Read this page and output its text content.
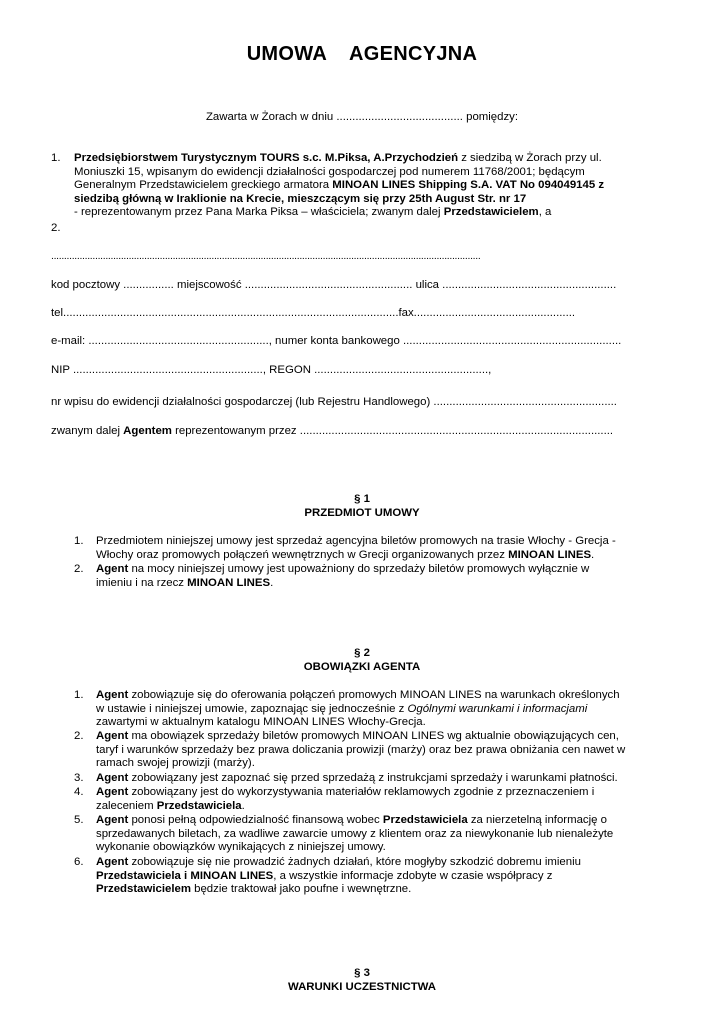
UMOWA    AGENCYJNA
Zawarta w Żorach w dniu ........................................ pomiędzy:
1. Przedsiębiorstwem Turystycznym TOURS s.c. M.Piksa, A.Przychodzień z siedzibą w Żorach przy ul.
Moniuszki 15, wpisanym do ewidencji działalności gospodarczej pod numerem 11768/2001; będącym
Generalnym Przedstawicielem greckiego armatora MINOAN LINES Shipping S.A. VAT No 094049145 z
siedzibą główną w Iraklionie na Krecie, mieszczącym się przy 25th August Str. nr 17
- reprezentowanym przez Pana Marka Piksa – właściciela; zwanym dalej Przedstawicielem, a
2.
......................................................................................................................................................................
kod pocztowy ................ miejscowość ..................................................... ulica .......................................................
tel..........................................................................................................fax...................................................
e-mail: ........................................................., numer konta bankowego .....................................................................
NIP ............................................................, REGON .......................................................,
nr wpisu do ewidencji działalności gospodarczej (lub Rejestru Handlowego) ..........................................................
zwanym dalej Agentem reprezentowanym przez ...................................................................................................
§ 1
PRZEDMIOT UMOWY
1. Przedmiotem niniejszej umowy jest sprzedaż agencyjna biletów promowych na trasie Włochy - Grecja -
Włochy oraz promowych połączeń wewnętrznych w Grecji organizowanych przez MINOAN LINES.
2. Agent na mocy niniejszej umowy jest upoważniony do sprzedaży biletów promowych wyłącznie w
imieniu i na rzecz MINOAN LINES.
§ 2
OBOWIĄZKI AGENTA
1. Agent zobowiązuje się do oferowania połączeń promowych MINOAN LINES na warunkach określonych
w ustawie i niniejszej umowie, zapoznając się jednocześnie z Ogólnymi warunkami i informacjami
zawartymi w aktualnym katalogu MINOAN LINES Włochy-Grecja.
2. Agent ma obowiązek sprzedaży biletów promowych MINOAN LINES wg aktualnie obowiązujących cen,
taryf i warunków sprzedaży bez prawa doliczania prowizji (marży) oraz bez prawa obniżania cen nawet w
ramach swojej prowizji (marży).
3. Agent zobowiązany jest zapoznać się przed sprzedażą z instrukcjami sprzedaży i warunkami płatności.
4. Agent zobowiązany jest do wykorzystywania materiałów reklamowych zgodnie z przeznaczeniem i
zaleceniem Przedstawiciela.
5. Agent ponosi pełną odpowiedzialność finansową wobec Przedstawiciela za nierzetelną informację o
sprzedawanych biletach, za wadliwe zawarcie umowy z klientem oraz za niewykonanie lub nienależyte
wykonanie obowiązków wynikających z niniejszej umowy.
6. Agent zobowiązuje się nie prowadzić żadnych działań, które mogłyby szkodzić dobremu imieniu
Przedstawiciela i MINOAN LINES, a wszystkie informacje zdobyte w czasie współpracy z
Przedstawicielem będzie traktował jako poufne i wewnętrzne.
§ 3
WARUNKI UCZESTNICTWA
